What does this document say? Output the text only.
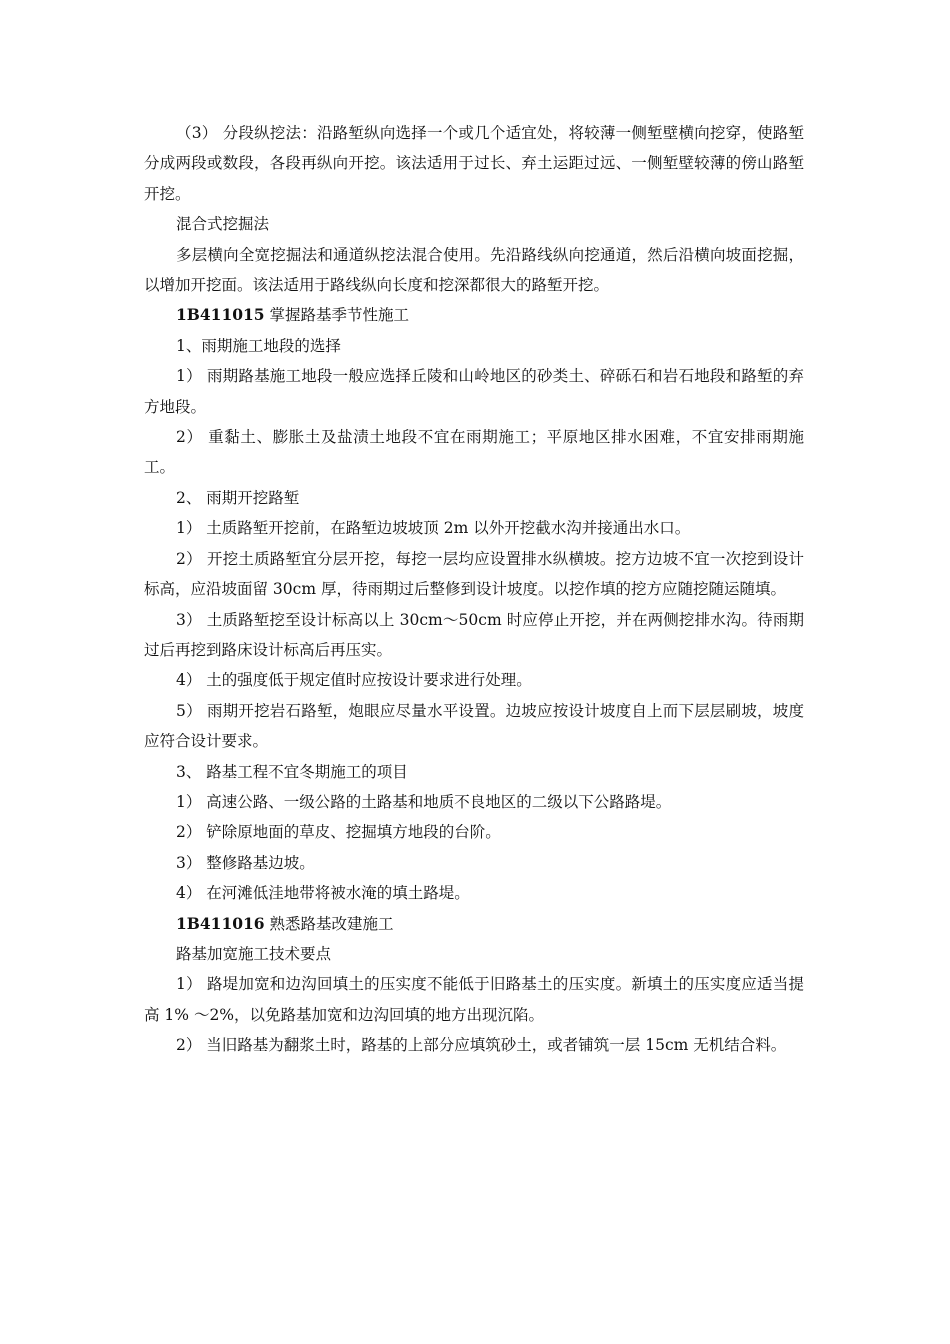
（3） 分段纵挖法：沿路堑纵向选择一个或几个适宜处，将较薄一侧堑壁横向挖穿，使路堑分成两段或数段，各段再纵向开挖。该法适用于过长、弃土运距过远、一侧堑壁较薄的傍山路堑开挖。

混合式挖掘法

多层横向全宽挖掘法和通道纵挖法混合使用。先沿路线纵向挖通道，然后沿横向坡面挖掘，以增加开挖面。该法适用于路线纵向长度和挖深都很大的路堑开挖。

1B411015 掌握路基季节性施工

1、雨期施工地段的选择

1） 雨期路基施工地段一般应选择丘陵和山岭地区的砂类土、碎砾石和岩石地段和路堑的弃方地段。

2） 重黏土、膨胀土及盐渍土地段不宜在雨期施工；平原地区排水困难，不宜安排雨期施工。

2、 雨期开挖路堑

1） 土质路堑开挖前，在路堑边坡坡顶 2m 以外开挖截水沟并接通出水口。

2） 开挖土质路堑宜分层开挖，每挖一层均应设置排水纵横坡。挖方边坡不宜一次挖到设计标高，应沿坡面留 30cm 厚，待雨期过后整修到设计坡度。以挖作填的挖方应随挖随运随填。

3） 土质路堑挖至设计标高以上 30cm～50cm 时应停止开挖，并在两侧挖排水沟。待雨期过后再挖到路床设计标高后再压实。

4） 土的强度低于规定值时应按设计要求进行处理。

5） 雨期开挖岩石路堑，炮眼应尽量水平设置。边坡应按设计坡度自上而下层层刷坡，坡度应符合设计要求。

3、 路基工程不宜冬期施工的项目

1） 高速公路、一级公路的土路基和地质不良地区的二级以下公路路堤。

2） 铲除原地面的草皮、挖掘填方地段的台阶。

3） 整修路基边坡。

4） 在河滩低洼地带将被水淹的填土路堤。

1B411016 熟悉路基改建施工

路基加宽施工技术要点

1） 路堤加宽和边沟回填土的压实度不能低于旧路基土的压实度。新填土的压实度应适当提高 1% ～2%，以免路基加宽和边沟回填的地方出现沉陷。

2） 当旧路基为翻浆土时，路基的上部分应填筑砂土，或者铺筑一层 15cm 无机结合料。
